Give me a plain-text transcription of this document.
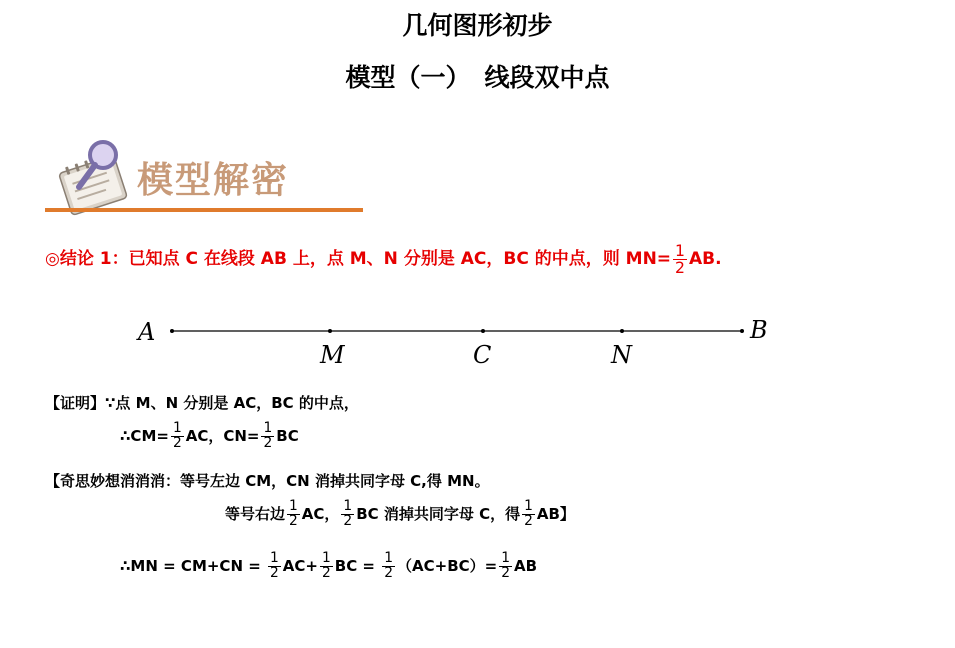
几何图形初步
模型（一） 线段双中点
模型解密
◎结论 1：已知点 C 在线段 AB 上，点 M、N 分别是 AC，BC 的中点，则 $MN= \frac{1}{2}$ AB.
A
M	C	N
B
【证明】∵点 M、N 分别是 AC，BC 的中点，
∴CM= $\frac{1}{2}$ AC，$CN= \frac{1}{2}$ BC
【奇思妙想消消消：等号左边 CM，CN 消掉共同字母 C,得 MN。
等号右边 $\frac{1}{2}$ AC， $\frac{1}{2}$ BC 消掉共同字母 C，得 $\frac{1}{2}$ AB】
∴MN = $CM+CN = \frac{1}{2} AC+ \frac{1}{2}$ BC = $\frac{1}{2} (AC+BC)= \frac{1}{2}$ AB
